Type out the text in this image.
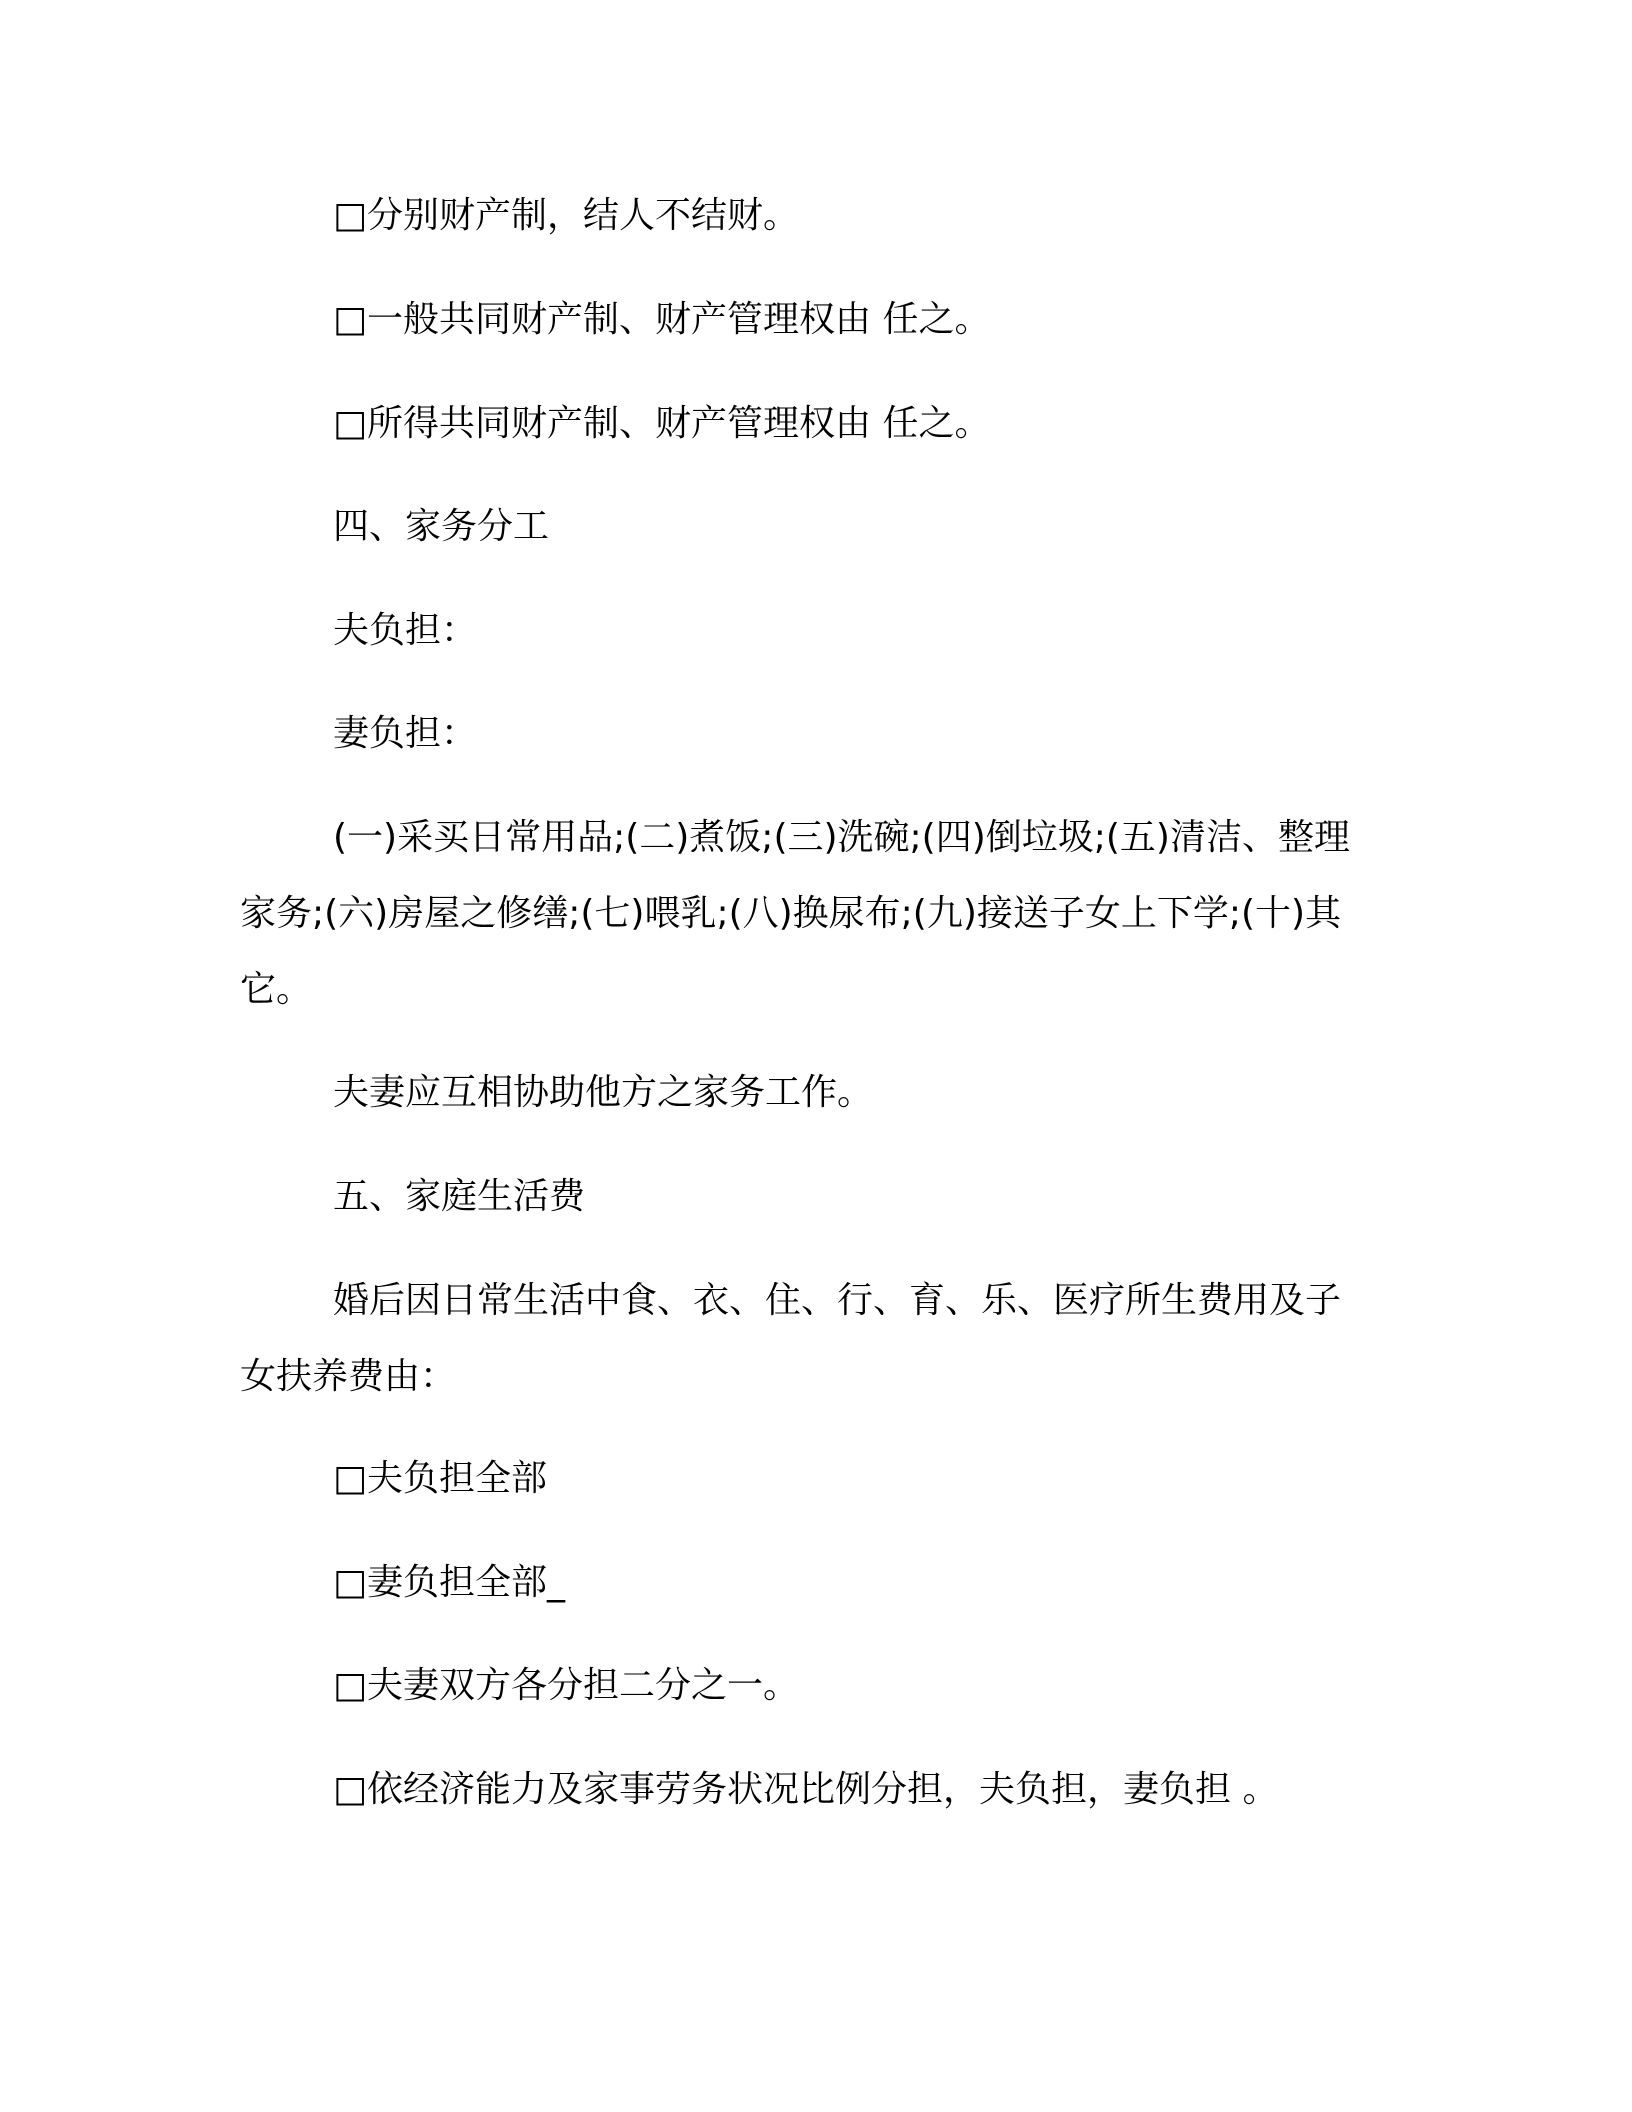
□分别财产制，结人不结财。
□一般共同财产制、财产管理权由 任之。
□所得共同财产制、财产管理权由 任之。
四、家务分工
夫负担：
妻负担：
(一)采买日常用品;(二)煮饭;(三)洗碗;(四)倒垃圾;(五)清洁、整理
家务;(六)房屋之修缮;(七)喂乳;(八)换尿布;(九)接送子女上下学;(十)其
它。
夫妻应互相协助他方之家务工作。
五、家庭生活费
婚后因日常生活中食、衣、住、行、育、乐、医疗所生费用及子
女扶养费由：
□夫负担全部
□妻负担全部_
□夫妻双方各分担二分之一。
□依经济能力及家事劳务状况比例分担，夫负担，妻负担 。
